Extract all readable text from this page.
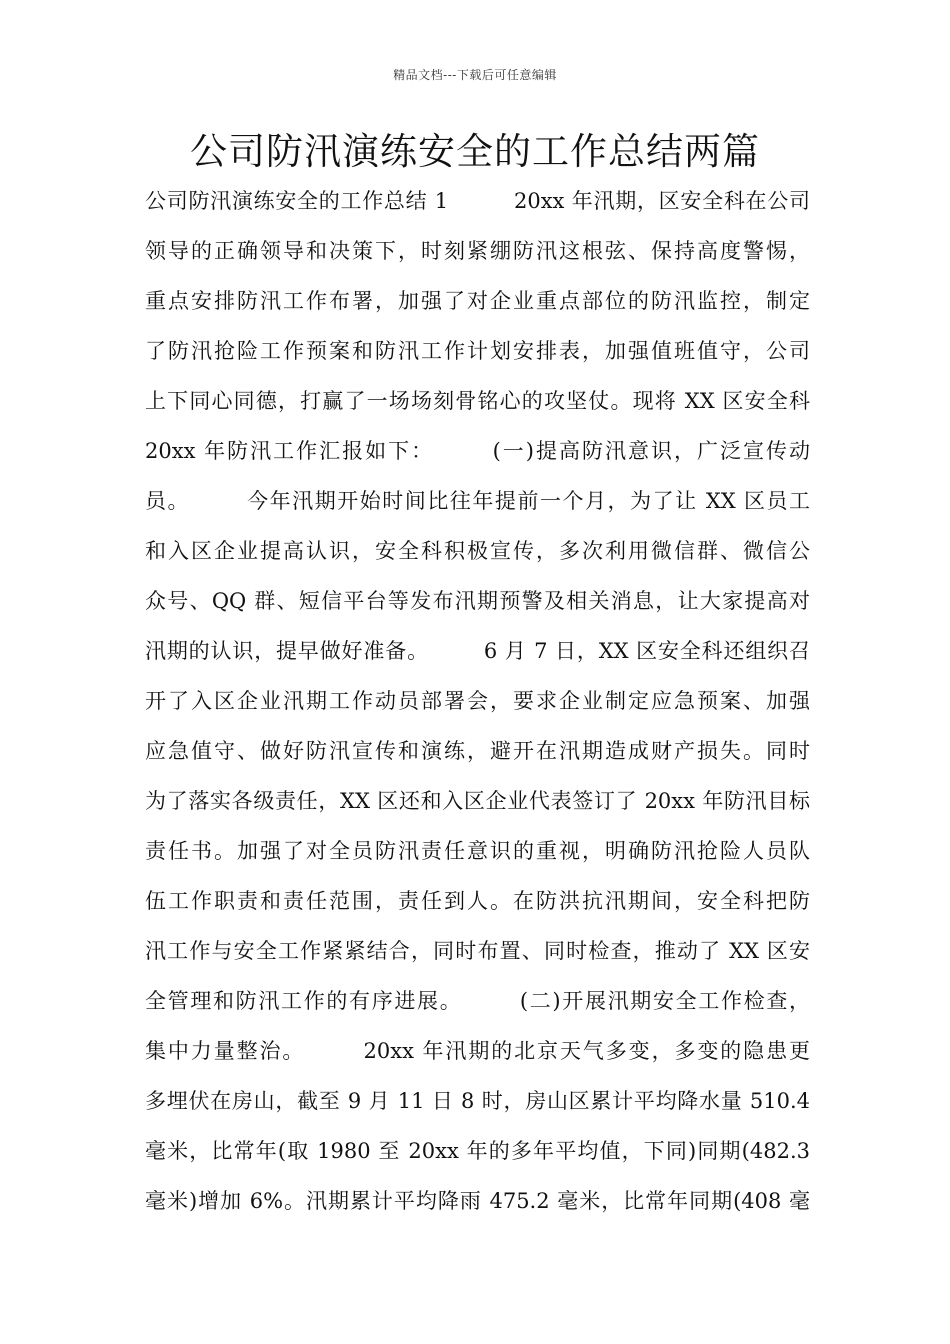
精品文档---下载后可任意编辑
公司防汛演练安全的工作总结两篇
公司防汛演练安全的工作总结 1　　　20xx 年汛期，区安全科在公司
领导的正确领导和决策下，时刻紧绷防汛这根弦、保持高度警惕，
重点安排防汛工作布署，加强了对企业重点部位的防汛监控，制定
了防汛抢险工作预案和防汛工作计划安排表，加强值班值守，公司
上下同心同德，打赢了一场场刻骨铭心的攻坚仗。现将 XX 区安全科
20xx 年防汛工作汇报如下：　　　(一)提高防汛意识，广泛宣传动
员。　　　今年汛期开始时间比往年提前一个月，为了让 XX 区员工
和入区企业提高认识，安全科积极宣传，多次利用微信群、微信公
众号、QQ 群、短信平台等发布汛期预警及相关消息，让大家提高对
汛期的认识，提早做好准备。　　　6 月 7 日，XX 区安全科还组织召
开了入区企业汛期工作动员部署会，要求企业制定应急预案、加强
应急值守、做好防汛宣传和演练，避开在汛期造成财产损失。同时
为了落实各级责任，XX 区还和入区企业代表签订了 20xx 年防汛目标
责任书。加强了对全员防汛责任意识的重视，明确防汛抢险人员队
伍工作职责和责任范围，责任到人。在防洪抗汛期间，安全科把防
汛工作与安全工作紧紧结合，同时布置、同时检查，推动了 XX 区安
全管理和防汛工作的有序进展。　　　(二)开展汛期安全工作检查，
集中力量整治。　　　20xx 年汛期的北京天气多变，多变的隐患更
多埋伏在房山，截至 9 月 11 日 8 时，房山区累计平均降水量 510.4
毫米，比常年(取 1980 至 20xx 年的多年平均值，下同)同期(482.3
毫米)增加 6%。汛期累计平均降雨 475.2 毫米，比常年同期(408 毫
